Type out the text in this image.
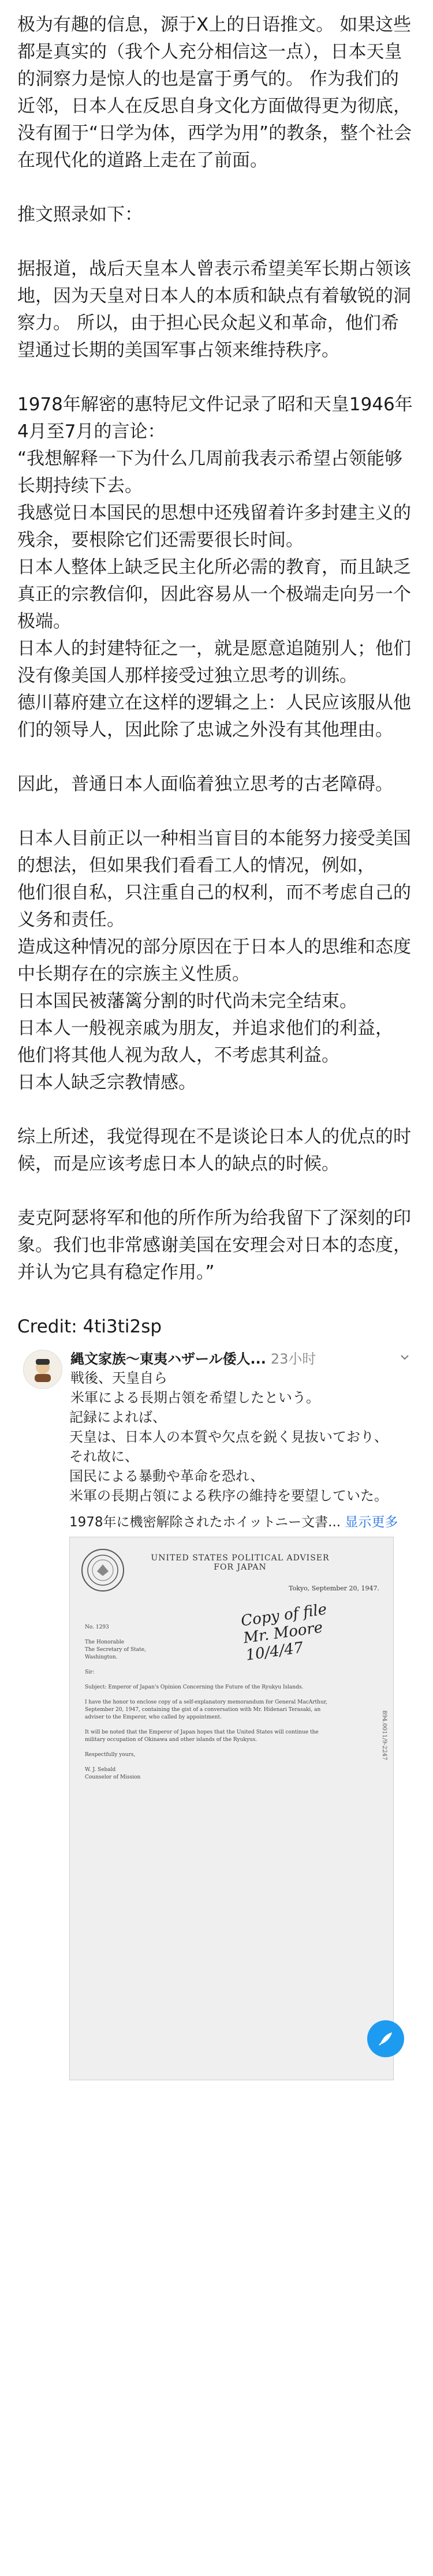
极为有趣的信息，源于X上的日语推文。 如果这些都是真实的（我个人充分相信这一点），日本天皇的洞察力是惊人的也是富于勇气的。 作为我们的近邻，日本人在反思自身文化方面做得更为彻底，没有囿于“日学为体，西学为用”的教条，整个社会在现代化的道路上走在了前面。

推文照录如下：

据报道，战后天皇本人曾表示希望美军长期占领该地，因为天皇对日本人的本质和缺点有着敏锐的洞察力。 所以，由于担心民众起义和革命，他们希望通过长期的美国军事占领来维持秩序。

1978年解密的惠特尼文件记录了昭和天皇1946年4月至7月的言论：
“我想解释一下为什么几周前我表示希望占领能够长期持续下去。
我感觉日本国民的思想中还残留着许多封建主义的残余，要根除它们还需要很长时间。
日本人整体上缺乏民主化所必需的教育，而且缺乏真正的宗教信仰，因此容易从一个极端走向另一个极端。
日本人的封建特征之一，就是愿意追随别人；他们没有像美国人那样接受过独立思考的训练。
德川幕府建立在这样的逻辑之上：人民应该服从他们的领导人，因此除了忠诚之外没有其他理由。

因此，普通日本人面临着独立思考的古老障碍。

日本人目前正以一种相当盲目的本能努力接受美国的想法，但如果我们看看工人的情况，例如，
他们很自私，只注重自己的权利，而不考虑自己的义务和责任。
造成这种情况的部分原因在于日本人的思维和态度中长期存在的宗族主义性质。
日本国民被藩篱分割的时代尚未完全结束。
日本人一般视亲戚为朋友，并追求他们的利益，
他们将其他人视为敌人，不考虑其利益。
日本人缺乏宗教情感。

综上所述，我觉得现在不是谈论日本人的优点的时候，而是应该考虑日本人的缺点的时候。

麦克阿瑟将军和他的所作所为给我留下了深刻的印象。我们也非常感谢美国在安理会对日本的态度，并认为它具有稳定作用。”

Credit: 4ti3ti2sp

縄文家族～東夷ハザール倭人... 23小时
戦後、天皇自ら
米軍による長期占領を希望したという。
記録によれば、
天皇は、日本人の本質や欠点を鋭く見抜いており、
それ故に、
国民による暴動や革命を恐れ、
米軍の長期占領による秩序の維持を要望していた。
1978年に機密解除されたホイットニー文書... 显示更多
UNITED STATES POLITICAL ADVISER
FOR JAPAN
Tokyo, September 20, 1947.
Copy of file
Mr. Moore
10/4/47
No. 1293

The Honorable
The Secretary of State,
Washington.

Sir:

Subject: Emperor of Japan's Opinion Concerning the Future of the Ryukyu Islands.

I have the honor to enclose copy of a self-explanatory memorandum for General MacArthur, September 20, 1947, containing the gist of a conversation with Mr. Hidenari Terasaki, an adviser to the Emperor, who called by appointment.

It will be noted that the Emperor of Japan hopes that the United States will continue the military occupation of Okinawa and other islands of the Ryukyus.

Respectfully yours,

W. J. Sebald
Counselor of Mission
894.0011/9-2247
